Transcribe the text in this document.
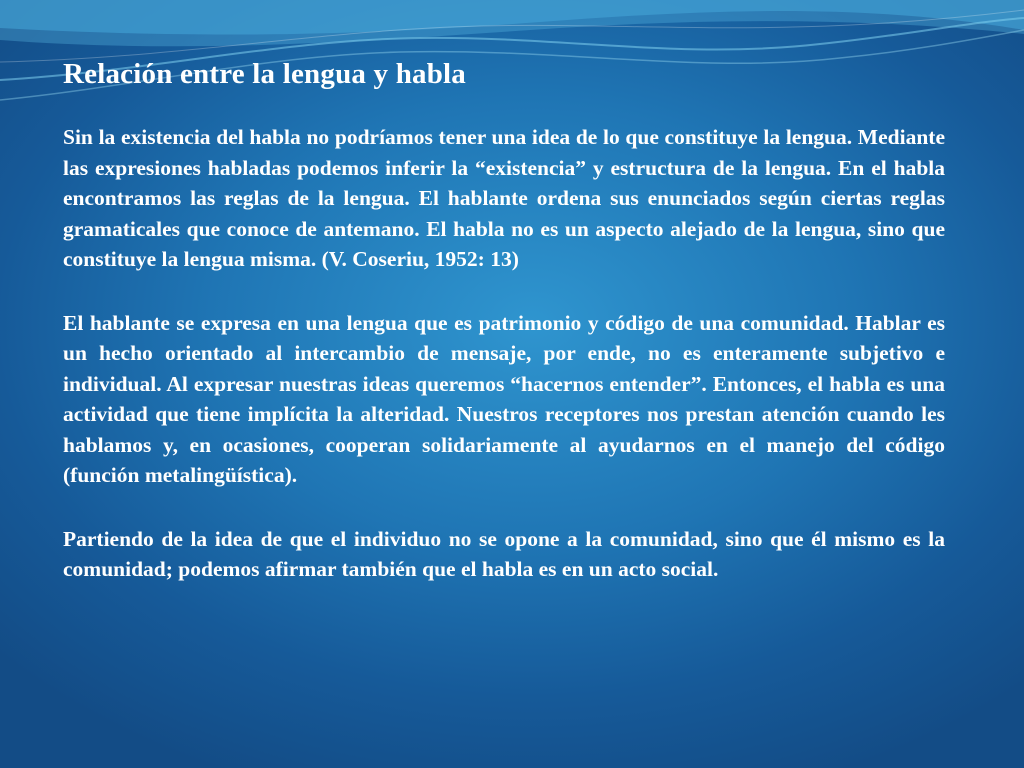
Relación entre la lengua y habla

Sin la existencia del habla no podríamos tener una idea de lo que constituye la lengua. Mediante las expresiones habladas podemos inferir la “existencia” y estructura de la lengua. En el habla encontramos las reglas de la lengua. El hablante ordena sus enunciados según ciertas reglas gramaticales que conoce de antemano. El habla no es un aspecto alejado de la lengua, sino que constituye la lengua misma. (V. Coseriu, 1952: 13)

El hablante se expresa en una lengua que es patrimonio y código de una comunidad. Hablar es un hecho orientado al intercambio de mensaje, por ende, no es enteramente subjetivo e individual. Al expresar nuestras ideas queremos “hacernos entender”. Entonces, el habla es una actividad que tiene implícita la alteridad. Nuestros receptores nos prestan atención cuando les hablamos y, en ocasiones, cooperan solidariamente al ayudarnos en el manejo del código (función metalingüística).

Partiendo de la idea de que el individuo no se opone a la comunidad, sino que él mismo es la comunidad; podemos afirmar también que el habla es en un acto social.
